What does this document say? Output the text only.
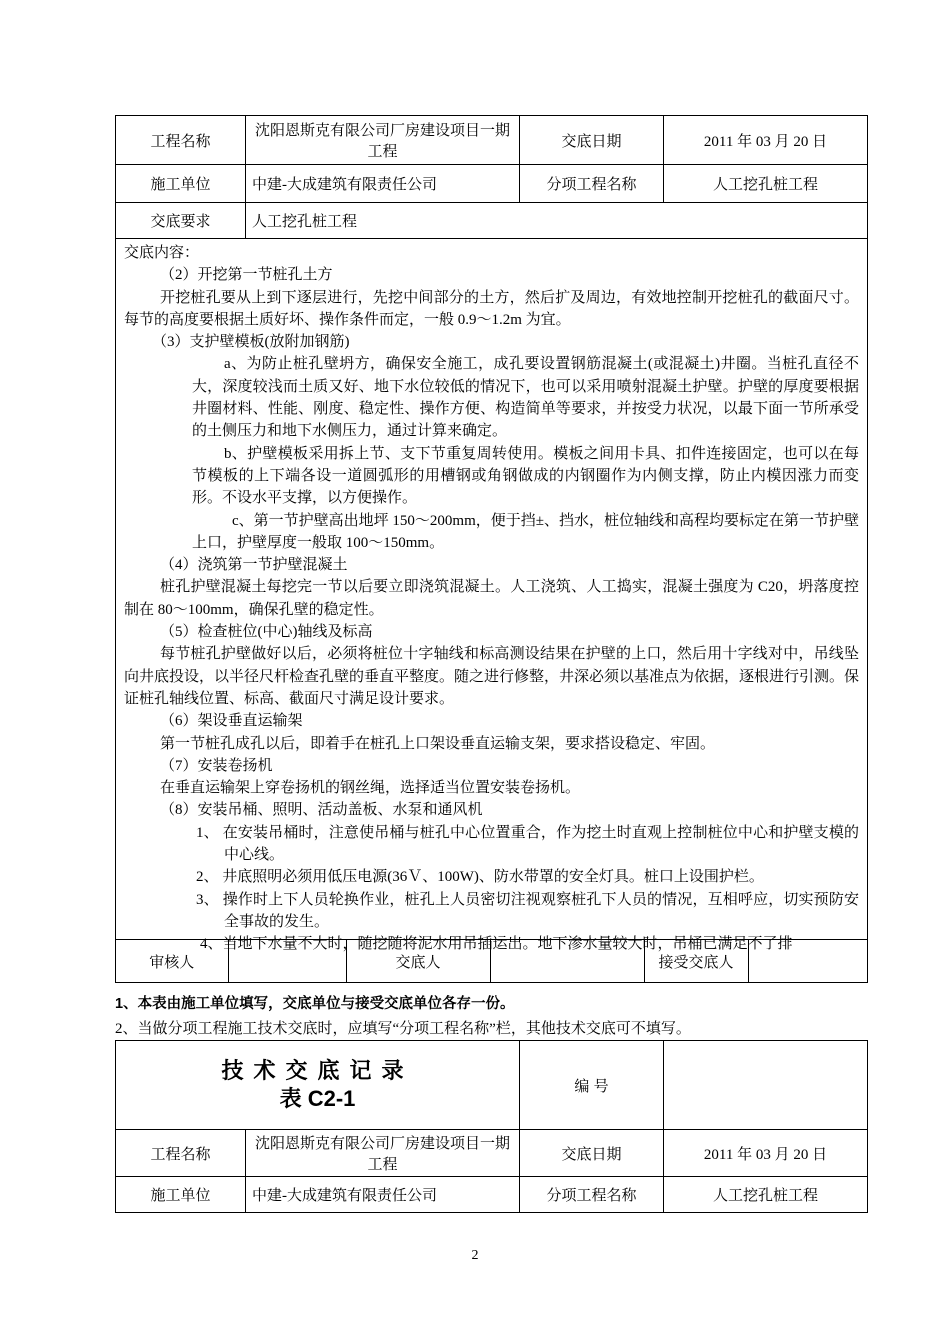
工程名称	沈阳恩斯克有限公司厂房建设项目一期工程	交底日期	2011 年 03 月 20 日
施工单位	中建-大成建筑有限责任公司	分项工程名称	人工挖孔桩工程
交底要求	人工挖孔桩工程

交底内容：

（2）开挖第一节桩孔土方

开挖桩孔要从上到下逐层进行，先挖中间部分的土方，然后扩及周边，有效地控制开挖桩孔的截面尺寸。每节的高度要根据土质好坏、操作条件而定，一般 0.9～1.2m 为宜。

（3）支护壁模板(放附加钢筋)

a、为防止桩孔壁坍方，确保安全施工，成孔要设置钢筋混凝土(或混凝土)井圈。当桩孔直径不大，深度较浅而土质又好、地下水位较低的情况下，也可以采用喷射混凝土护壁。护壁的厚度要根据井圈材料、性能、刚度、稳定性、操作方便、构造简单等要求，并按受力状况，以最下面一节所承受的土侧压力和地下水侧压力，通过计算来确定。

b、护壁模板采用拆上节、支下节重复周转使用。模板之间用卡具、扣件连接固定，也可以在每节模板的上下端各设一道圆弧形的用槽钢或角钢做成的内钢圈作为内侧支撑，防止内模因涨力而变形。不设水平支撑，以方便操作。

c、第一节护壁高出地坪 150～200mm，便于挡±、挡水，桩位轴线和高程均要标定在第一节护壁上口，护壁厚度一般取 100～150mm。

（4）浇筑第一节护壁混凝土

桩孔护壁混凝土每挖完一节以后要立即浇筑混凝土。人工浇筑、人工捣实，混凝土强度为 C20，坍落度控制在 80～100mm，确保孔壁的稳定性。

（5）检查桩位(中心)轴线及标高

每节桩孔护壁做好以后，必须将桩位十字轴线和标高测设结果在护壁的上口，然后用十字线对中，吊线坠向井底投设，以半径尺杆检查孔壁的垂直平整度。随之进行修整，井深必须以基准点为依据，逐根进行引测。保证桩孔轴线位置、标高、截面尺寸满足设计要求。

（6）架设垂直运输架

第一节桩孔成孔以后，即着手在桩孔上口架设垂直运输支架，要求搭设稳定、牢固。

（7）安装卷扬机

在垂直运输架上穿卷扬机的钢丝绳，选择适当位置安装卷扬机。

（8）安装吊桶、照明、活动盖板、水泵和通风机

1、 在安装吊桶时，注意使吊桶与桩孔中心位置重合，作为挖土时直观上控制桩位中心和护壁支模的中心线。

2、 井底照明必须用低压电源(36Ｖ、100W)、防水带罩的安全灯具。桩口上设围护栏。

3、 操作时上下人员轮换作业，桩孔上人员密切注视观察桩孔下人员的情况，互相呼应，切实预防安全事故的发生。

4、当地下水量不大时，随挖随将泥水用吊插运出。地下渗水量较大时，吊桶已满足不了排

审核人		交底人		接受交底人	
1、本表由施工单位填写，交底单位与接受交底单位各存一份。
2、当做分项工程施工技术交底时，应填写“分项工程名称”栏，其他技术交底可不填写。
技术交底记录
表 C2-1		编 号	
工程名称	沈阳恩斯克有限公司厂房建设项目一期工程	交底日期	2011 年 03 月 20 日
施工单位	中建-大成建筑有限责任公司	分项工程名称	人工挖孔桩工程
2
